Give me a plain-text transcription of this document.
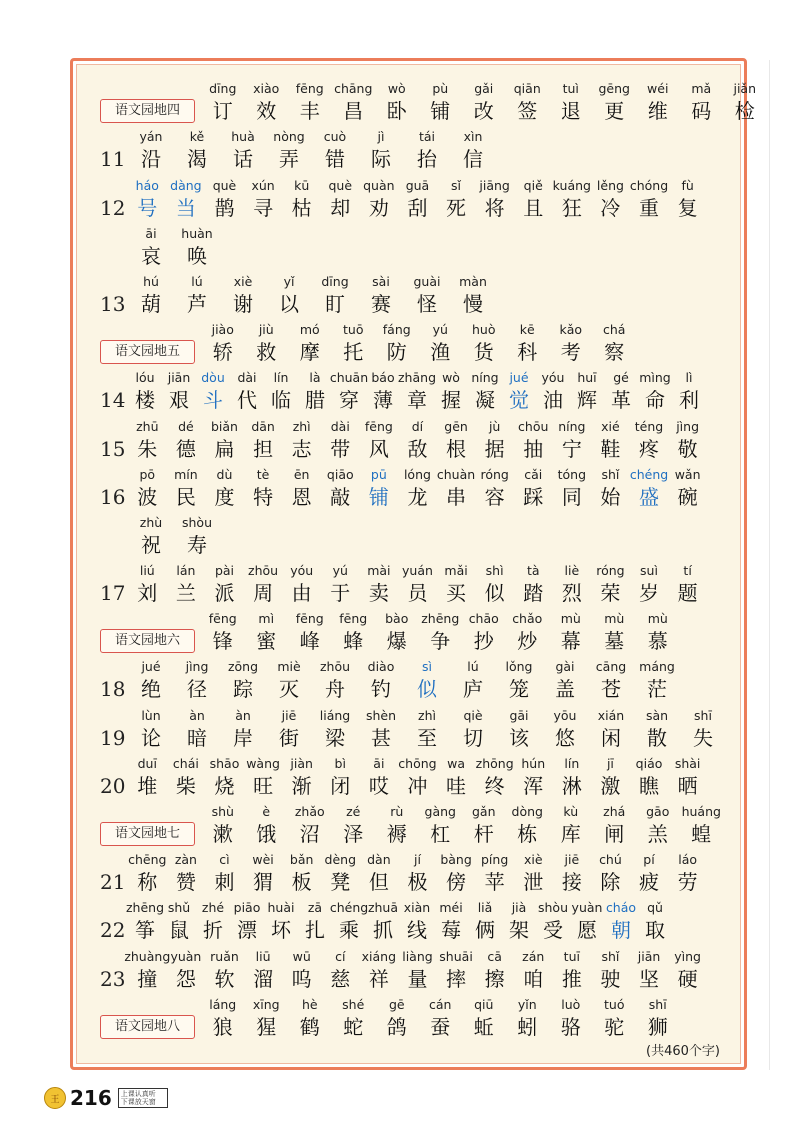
语文园地四
dīng
订
xiào
效
fēng
丰
chāng
昌
wò
卧
pù
铺
gǎi
改
qiān
签
tuì
退
gēng
更
wéi
维
mǎ
码
jiǎn
检
11
yán
沿
kě
渴
huà
话
nòng
弄
cuò
错
jì
际
tái
抬
xìn
信
12
háo
号
dàng
当
què
鹊
xún
寻
kū
枯
què
却
quàn
劝
guā
刮
sǐ
死
jiāng
将
qiě
且
kuáng
狂
lěng
冷
chóng
重
fù
复
āi
哀
huàn
唤
13
hú
葫
lú
芦
xiè
谢
yǐ
以
dīng
盯
sài
赛
guài
怪
màn
慢
语文园地五
jiào
轿
jiù
救
mó
摩
tuō
托
fáng
防
yú
渔
huò
货
kē
科
kǎo
考
chá
察
14
lóu
楼
jiān
艰
dòu
斗
dài
代
lín
临
là
腊
chuān
穿
báo
薄
zhāng
章
wò
握
níng
凝
jué
觉
yóu
油
huī
辉
gé
革
mìng
命
lì
利
15
zhū
朱
dé
德
biǎn
扁
dān
担
zhì
志
dài
带
fēng
风
dí
敌
gēn
根
jù
据
chōu
抽
níng
宁
xié
鞋
téng
疼
jìng
敬
16
pō
波
mín
民
dù
度
tè
特
ēn
恩
qiāo
敲
pū
铺
lóng
龙
chuàn
串
róng
容
cǎi
踩
tóng
同
shǐ
始
chéng
盛
wǎn
碗
zhù
祝
shòu
寿
17
liú
刘
lán
兰
pài
派
zhōu
周
yóu
由
yú
于
mài
卖
yuán
员
mǎi
买
shì
似
tà
踏
liè
烈
róng
荣
suì
岁
tí
题
语文园地六
fēng
锋
mì
蜜
fēng
峰
fēng
蜂
bào
爆
zhēng
争
chāo
抄
chǎo
炒
mù
幕
mù
墓
mù
慕
18
jué
绝
jìng
径
zōng
踪
miè
灭
zhōu
舟
diào
钓
sì
似
lú
庐
lǒng
笼
gài
盖
cāng
苍
máng
茫
19
lùn
论
àn
暗
àn
岸
jiē
街
liáng
梁
shèn
甚
zhì
至
qiè
切
gāi
该
yōu
悠
xián
闲
sàn
散
shī
失
20
duī
堆
chái
柴
shāo
烧
wàng
旺
jiàn
渐
bì
闭
āi
哎
chōng
冲
wa
哇
zhōng
终
hún
浑
lín
淋
jī
激
qiáo
瞧
shài
晒
语文园地七
shù
漱
è
饿
zhǎo
沼
zé
泽
rù
褥
gàng
杠
gǎn
杆
dòng
栋
kù
库
zhá
闸
gāo
羔
huáng
蝗
21
chēng
称
zàn
赞
cì
刺
wèi
猬
bǎn
板
dèng
凳
dàn
但
jí
极
bàng
傍
píng
苹
xiè
泄
jiē
接
chú
除
pí
疲
láo
劳
22
zhēng
筝
shǔ
鼠
zhé
折
piāo
漂
huài
坏
zā
扎
chéng
乘
zhuā
抓
xiàn
线
méi
莓
liǎ
俩
jià
架
shòu
受
yuàn
愿
cháo
朝
qǔ
取
23
zhuàng
撞
yuàn
怨
ruǎn
软
liū
溜
wū
呜
cí
慈
xiáng
祥
liàng
量
shuāi
摔
cā
擦
zán
咱
tuī
推
shǐ
驶
jiān
坚
yìng
硬
语文园地八
láng
狼
xīng
猩
hè
鹤
shé
蛇
gē
鸽
cán
蚕
qiū
蚯
yǐn
蚓
luò
骆
tuó
驼
shī
狮
(共460个字)
王 216	上课认真听 下课放天窗
